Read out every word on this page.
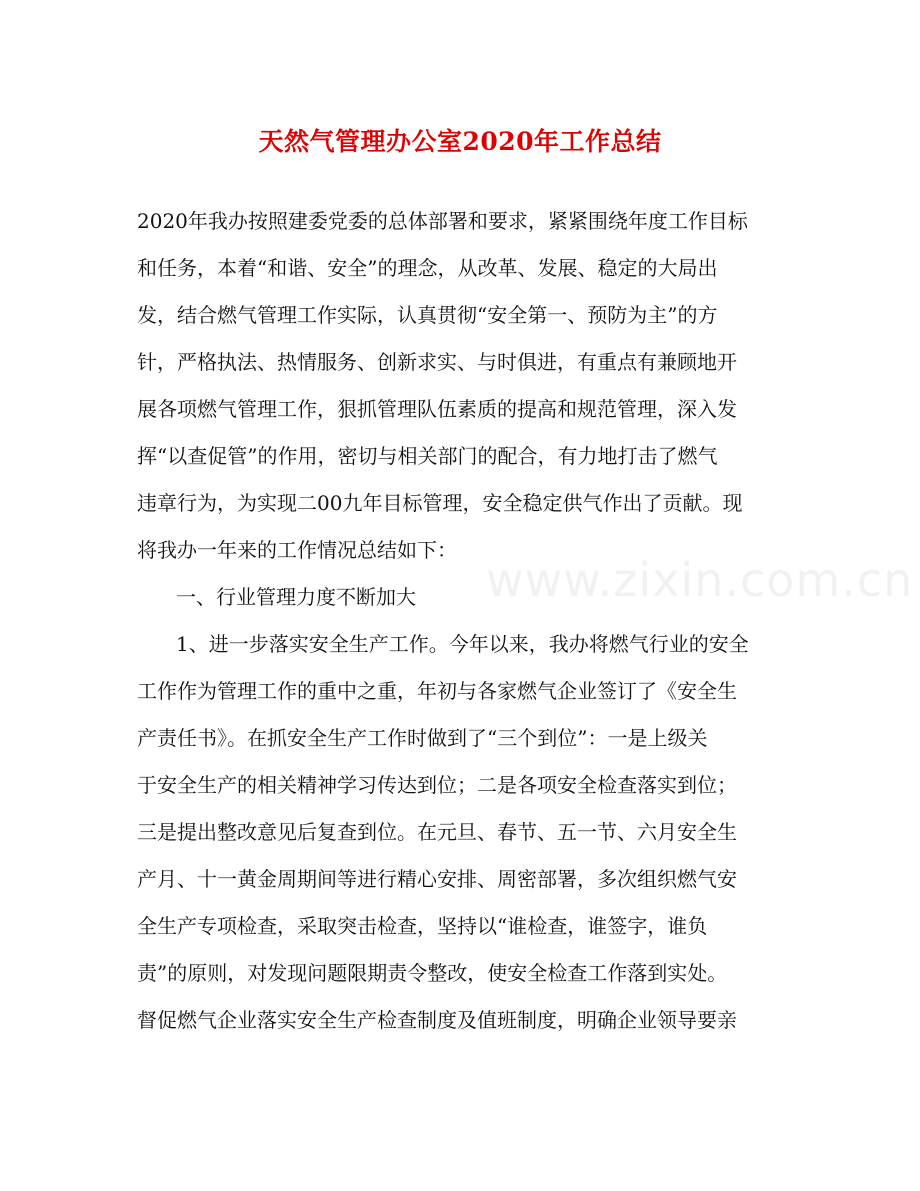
天然气管理办公室2020年工作总结
2020年我办按照建委党委的总体部署和要求，紧紧围绕年度工作目标
和任务，本着“和谐、安全”的理念，从改革、发展、稳定的大局出
发，结合燃气管理工作实际，认真贯彻“安全第一、预防为主”的方
针，严格执法、热情服务、创新求实、与时俱进，有重点有兼顾地开
展各项燃气管理工作，狠抓管理队伍素质的提高和规范管理，深入发
挥“以查促管”的作用，密切与相关部门的配合，有力地打击了燃气
违章行为，为实现二00九年目标管理，安全稳定供气作出了贡献。现
将我办一年来的工作情况总结如下：
一、行业管理力度不断加大
1、进一步落实安全生产工作。今年以来，我办将燃气行业的安全
工作作为管理工作的重中之重，年初与各家燃气企业签订了《安全生
产责任书》。在抓安全生产工作时做到了“三个到位”：一是上级关
于安全生产的相关精神学习传达到位；二是各项安全检查落实到位；
三是提出整改意见后复查到位。在元旦、春节、五一节、六月安全生
产月、十一黄金周期间等进行精心安排、周密部署，多次组织燃气安
全生产专项检查，采取突击检查，坚持以“谁检查，谁签字，谁负
责”的原则，对发现问题限期责令整改，使安全检查工作落到实处。
督促燃气企业落实安全生产检查制度及值班制度，明确企业领导要亲
www.zixin.com.cn
